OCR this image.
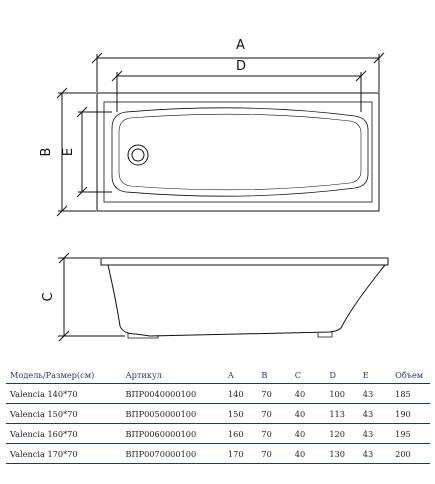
A
D
B E
C
Модель/Размер(см)	Артикул	A	B	C	D	E	Объем
Valencia 140*70	ВПР0040000100	140	70	40	100	43	185
Valencia 150*70	ВПР0050000100	150	70	40	113	43	190
Valencia 160*70	ВПР0060000100	160	70	40	120	43	195
Valencia 170*70	ВПР0070000100	170	70	40	130	43	200
